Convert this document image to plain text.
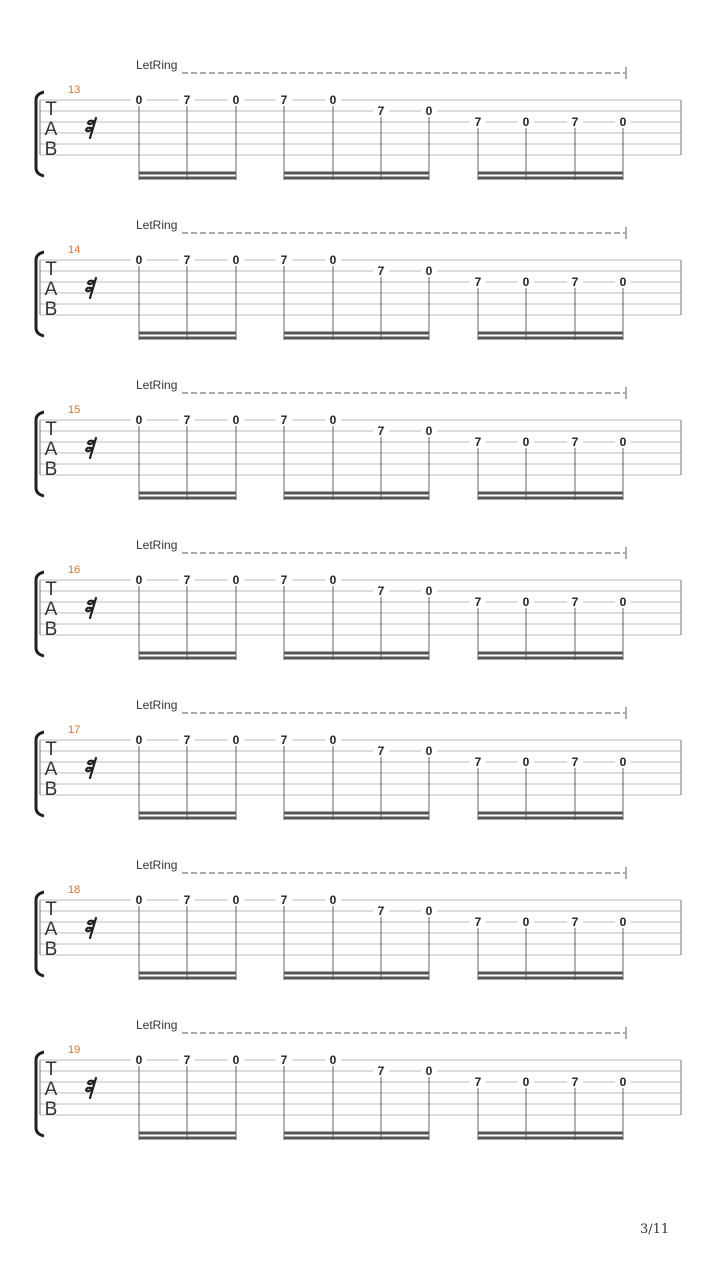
LetRing
13
T
A
B
0	7	0	7	0
7	0
7	0	7	0
LetRing
14
T
A
B
0	7	0	7	0
7	0
7	0	7	0
LetRing
15
T
A
B
0	7	0	7	0
7	0
7	0	7	0
LetRing
16
T
A
B
0	7	0	7	0
7	0
7	0	7	0
LetRing
17
T
A
B
0	7	0	7	0
7	0
7	0	7	0
LetRing
18
T
A
B
0	7	0	7	0
7	0
7	0	7	0
LetRing
19
T
A
B
0	7	0	7	0
7	0
7	0	7	0
3/11
